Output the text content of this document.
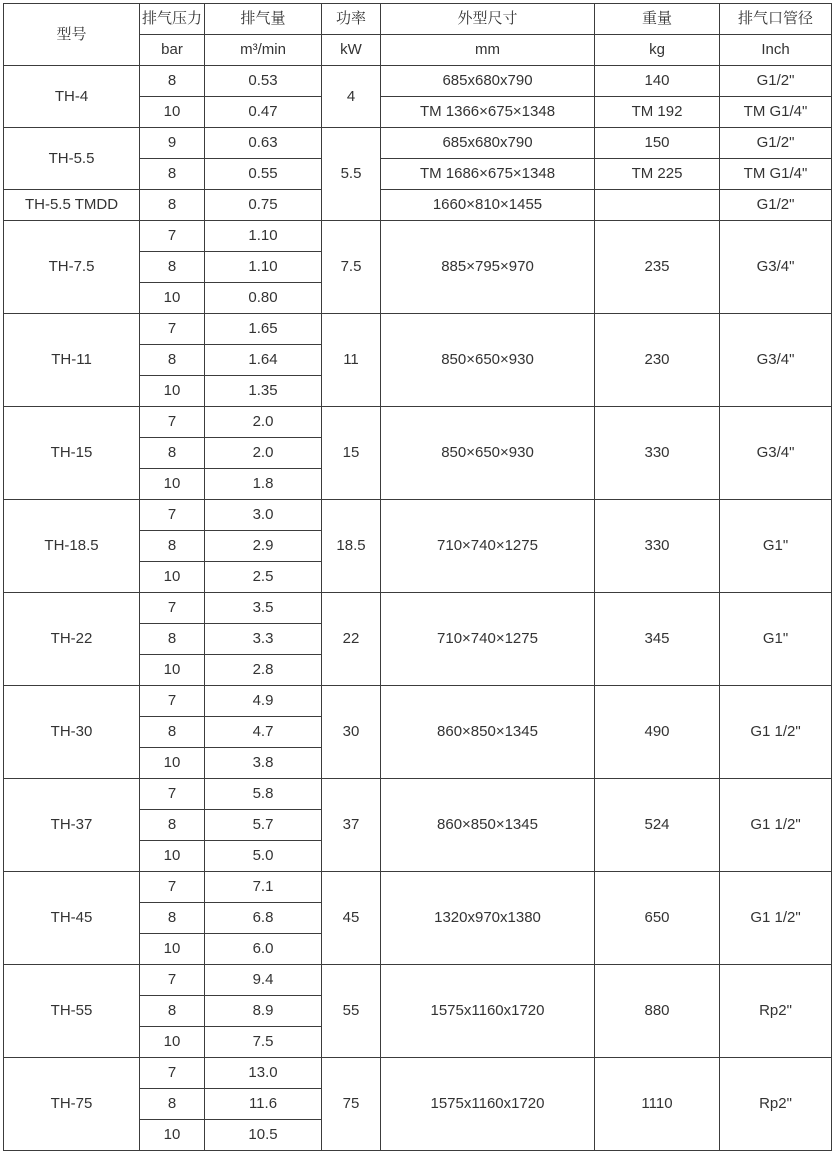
型号	排气压力	排气量	功率	外型尺寸	重量	排气口管径
	bar	m³/min	kW	mm	kg	Inch
TH-4	8	0.53	4	685x680x790	140	G1/2"
	10	0.47		TM 1366×675×1348	TM 192	TM G1/4"
TH-5.5	9	0.63	5.5	685x680x790	150	G1/2"
	8	0.55		TM 1686×675×1348	TM 225	TM G1/4"
TH-5.5 TMDD	8	0.75		1660×810×1455		G1/2"
TH-7.5	7	1.10	7.5	885×795×970	235	G3/4"
	8	1.10				
	10	0.80				
TH-11	7	1.65	11	850×650×930	230	G3/4"
	8	1.64				
	10	1.35				
TH-15	7	2.0	15	850×650×930	330	G3/4"
	8	2.0				
	10	1.8				
TH-18.5	7	3.0	18.5	710×740×1275	330	G1"
	8	2.9				
	10	2.5				
TH-22	7	3.5	22	710×740×1275	345	G1"
	8	3.3				
	10	2.8				
TH-30	7	4.9	30	860×850×1345	490	G1 1/2"
	8	4.7				
	10	3.8				
TH-37	7	5.8	37	860×850×1345	524	G1 1/2"
	8	5.7				
	10	5.0				
TH-45	7	7.1	45	1320x970x1380	650	G1 1/2"
	8	6.8				
	10	6.0				
TH-55	7	9.4	55	1575x1160x1720	880	Rp2"
	8	8.9				
	10	7.5				
TH-75	7	13.0	75	1575x1160x1720	1110	Rp2"
	8	11.6				
	10	10.5				
